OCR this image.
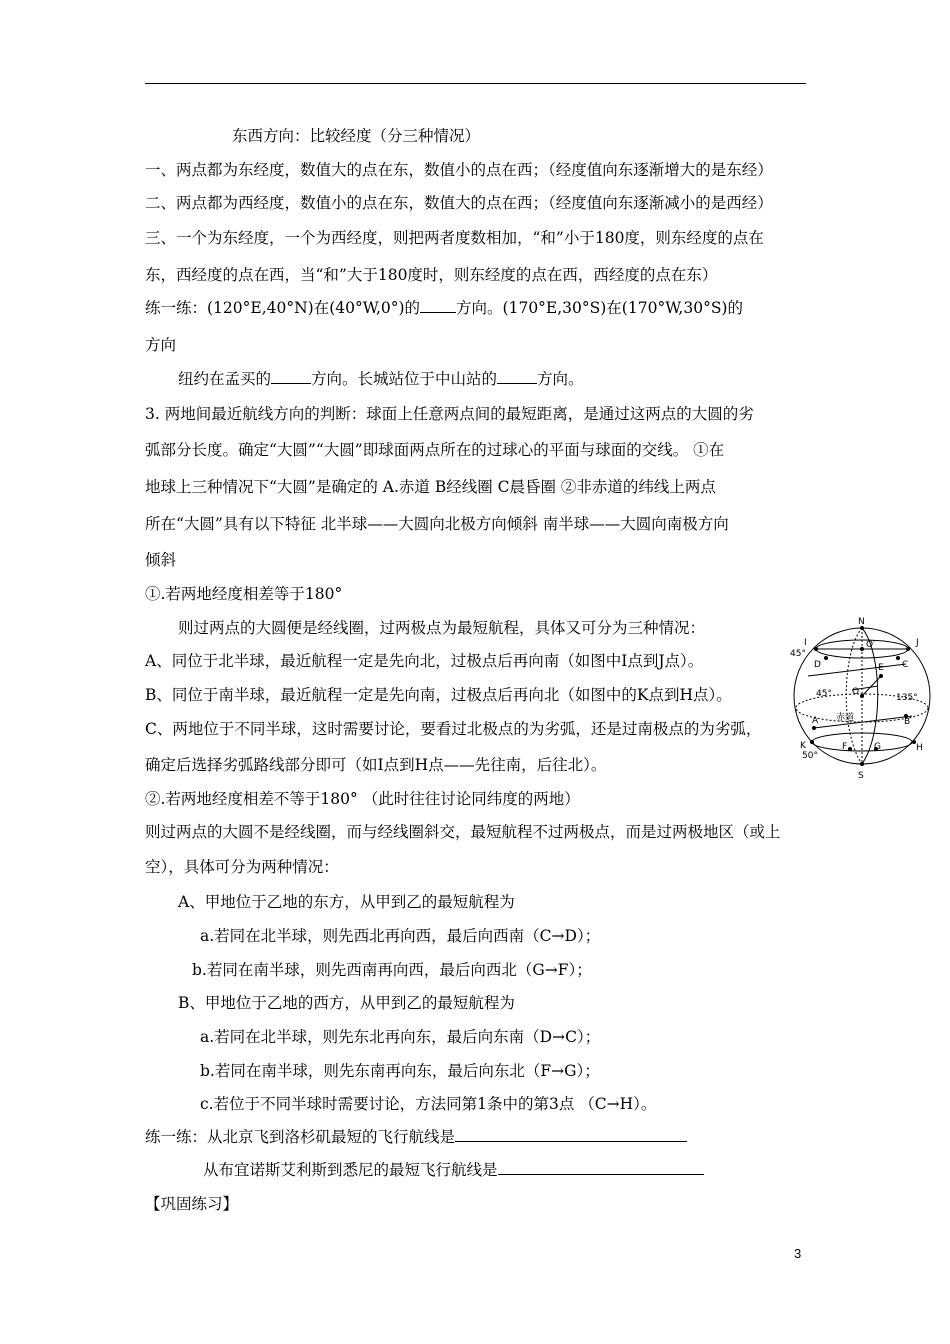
东西方向：比较经度（分三种情况）
一、两点都为东经度，数值大的点在东，数值小的点在西；（经度值向东逐渐增大的是东经）
二、两点都为西经度，数值小的点在东，数值大的点在西；（经度值向东逐渐减小的是西经）
三、一个为东经度，一个为西经度，则把两者度数相加，“和”小于180度，则东经度的点在
东，西经度的点在西，当“和”大于180度时，则东经度的点在西，西经度的点在东）
练一练：(120°E,40°N)在(40°W,0°)的 方向。(170°E,30°S)在(170°W,30°S)的
方向
纽约在孟买的	方向。长城站位于中山站的	方向。
3. 两地间最近航线方向的判断：球面上任意两点间的最短距离，是通过这两点的大圆的劣
弧部分长度。确定“大圆”“大圆”即球面两点所在的过球心的平面与球面的交线。 ①在
地球上三种情况下“大圆”是确定的 A.赤道 B经线圈 C晨昏圈 ②非赤道的纬线上两点
所在“大圆”具有以下特征 北半球——大圆向北极方向倾斜 南半球——大圆向南极方向
倾斜
①.若两地经度相差等于180°
则过两点的大圆便是经线圈，过两极点为最短航程，具体又可分为三种情况：
A、同位于北半球，最近航程一定是先向北，过极点后再向南（如图中I点到J点）。
B、同位于南半球，最近航程一定是先向南，过极点后再向北（如图中的K点到H点）。
C、两地位于不同半球，这时需要讨论，要看过北极点的为劣弧，还是过南极点的为劣弧，
确定后选择劣弧路线部分即可（如I点到H点——先往南，后往北）。
②.若两地经度相差不等于180° （此时往往讨论同纬度的两地）
则过两点的大圆不是经线圈，而与经线圈斜交，最短航程不过两极点，而是过两极地区（或上
空），具体可分为两种情况：
A、甲地位于乙地的东方，从甲到乙的最短航程为
a.若同在北半球，则先西北再向西，最后向西南（C→D）；
b.若同在南半球，则先西南再向西，最后向西北（G→F）；
B、甲地位于乙地的西方，从甲到乙的最短航程为
a.若同在北半球，则先东北再向东，最后向东南（D→C）；
b.若同在南半球，则先东南再向东，最后向东北（F→G）；
c.若位于不同半球时需要讨论，方法同第1条中的第3点 （C→H）。
练一练：从北京飞到洛杉矶最短的飞行航线是
从布宜诺斯艾利斯到悉尼的最短飞行航线是
【巩固练习】
3
N
S
O′
O
E
I	J
D	C
A	B
K	H
F	G
45°
45°	135°
50°
赤道
